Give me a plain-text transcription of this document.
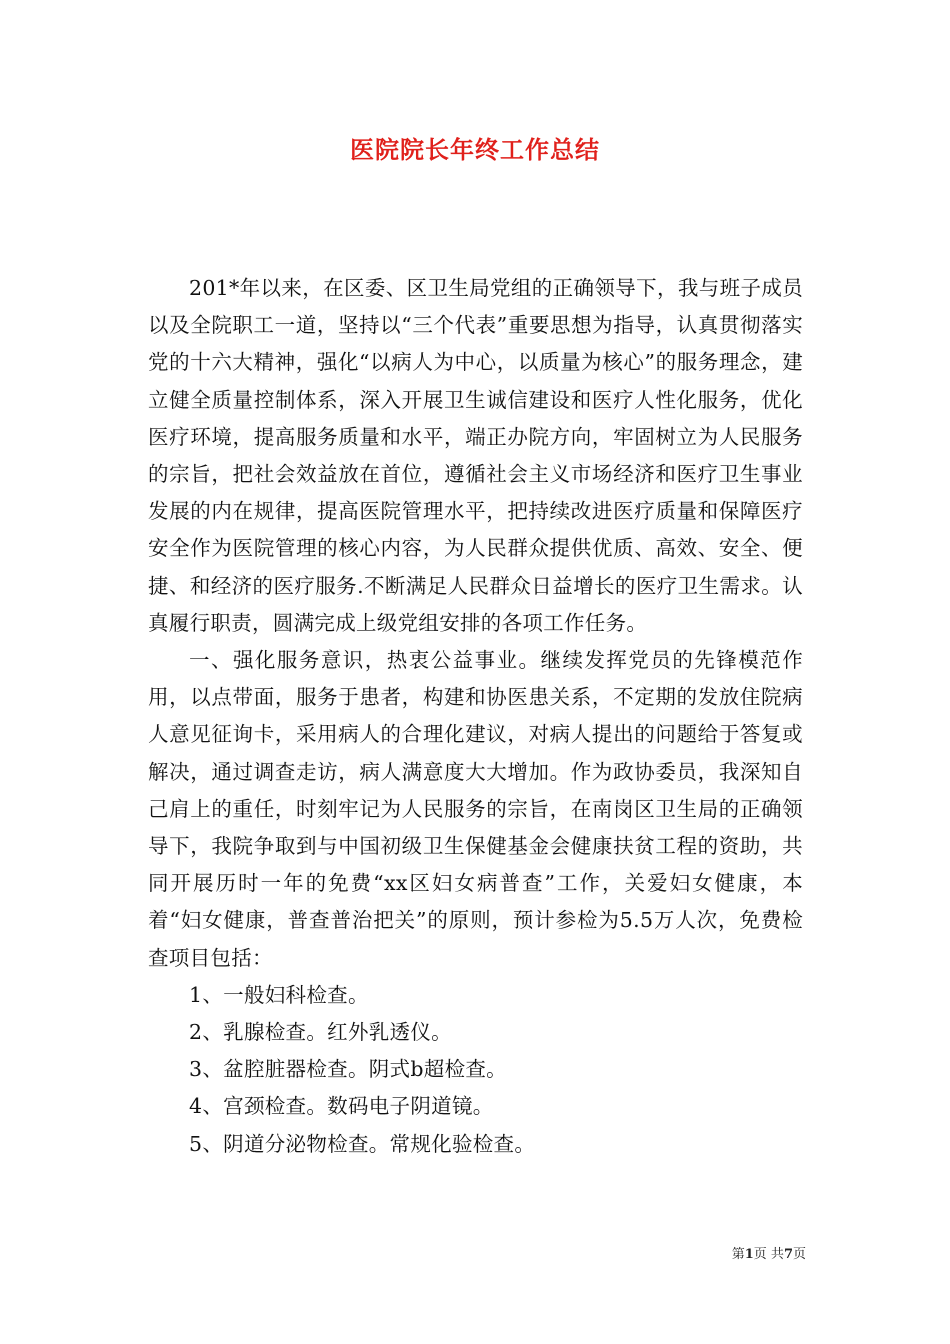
医院院长年终工作总结

201*年以来，在区委、区卫生局党组的正确领导下，我与班子成员以及全院职工一道，坚持以“三个代表”重要思想为指导，认真贯彻落实党的十六大精神，强化“以病人为中心，以质量为核心”的服务理念，建立健全质量控制体系，深入开展卫生诚信建设和医疗人性化服务，优化医疗环境，提高服务质量和水平，端正办院方向，牢固树立为人民服务的宗旨，把社会效益放在首位，遵循社会主义市场经济和医疗卫生事业发展的内在规律，提高医院管理水平，把持续改进医疗质量和保障医疗安全作为医院管理的核心内容，为人民群众提供优质、高效、安全、便捷、和经济的医疗服务.不断满足人民群众日益增长的医疗卫生需求。认真履行职责，圆满完成上级党组安排的各项工作任务。

一、强化服务意识，热衷公益事业。继续发挥党员的先锋模范作用，以点带面，服务于患者，构建和协医患关系，不定期的发放住院病人意见征询卡，采用病人的合理化建议，对病人提出的问题给于答复或解决，通过调查走访，病人满意度大大增加。作为政协委员，我深知自己肩上的重任，时刻牢记为人民服务的宗旨，在南岗区卫生局的正确领导下，我院争取到与中国初级卫生保健基金会健康扶贫工程的资助，共同开展历时一年的免费“xx区妇女病普查”工作，关爱妇女健康，本着“妇女健康，普查普治把关”的原则，预计参检为5.5万人次，免费检查项目包括：

1、一般妇科检查。

2、乳腺检查。红外乳透仪。

3、盆腔脏器检查。阴式b超检查。

4、宫颈检查。数码电子阴道镜。

5、阴道分泌物检查。常规化验检查。

第1页 共7页
